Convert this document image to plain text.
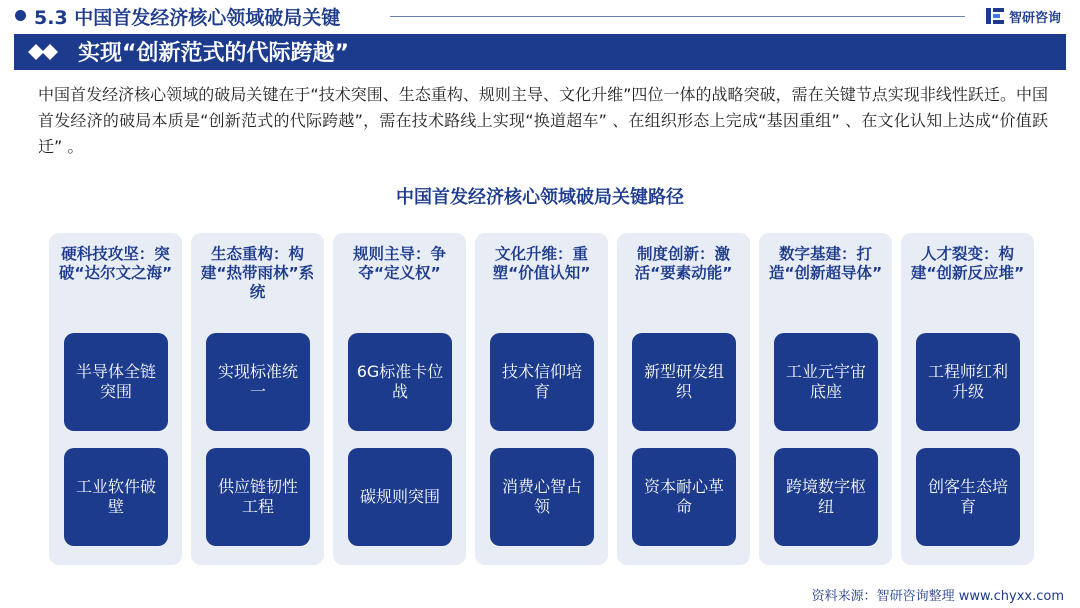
5.3 中国首发经济核心领域破局关键	智研咨询
实现“创新范式的代际跨越”
中国首发经济核心领域的破局关键在于“技术突围、生态重构、规则主导、文化升维”四位一体的战略突破，需在关键节点实现非线性跃迁。中国首发经济的破局本质是“创新范式的代际跨越”，需在技术路线上实现“换道超车” 、在组织形态上完成“基因重组” 、在文化认知上达成“价值跃迁” 。
中国首发经济核心领域破局关键路径
硬科技攻坚：突破“达尔文之海”
半导体全链突围
工业软件破壁
生态重构：构建“热带雨林”系统
实现标准统一
供应链韧性工程
规则主导：争夺“定义权”
6G标准卡位战
碳规则突围
文化升维：重塑“价值认知”
技术信仰培育
消费心智占领
制度创新：激活“要素动能”
新型研发组织
资本耐心革命
数字基建：打造“创新超导体”
工业元宇宙底座
跨境数字枢纽
人才裂变：构建“创新反应堆”
工程师红利升级
创客生态培育
资料来源：智研咨询整理 www.chyxx.com
